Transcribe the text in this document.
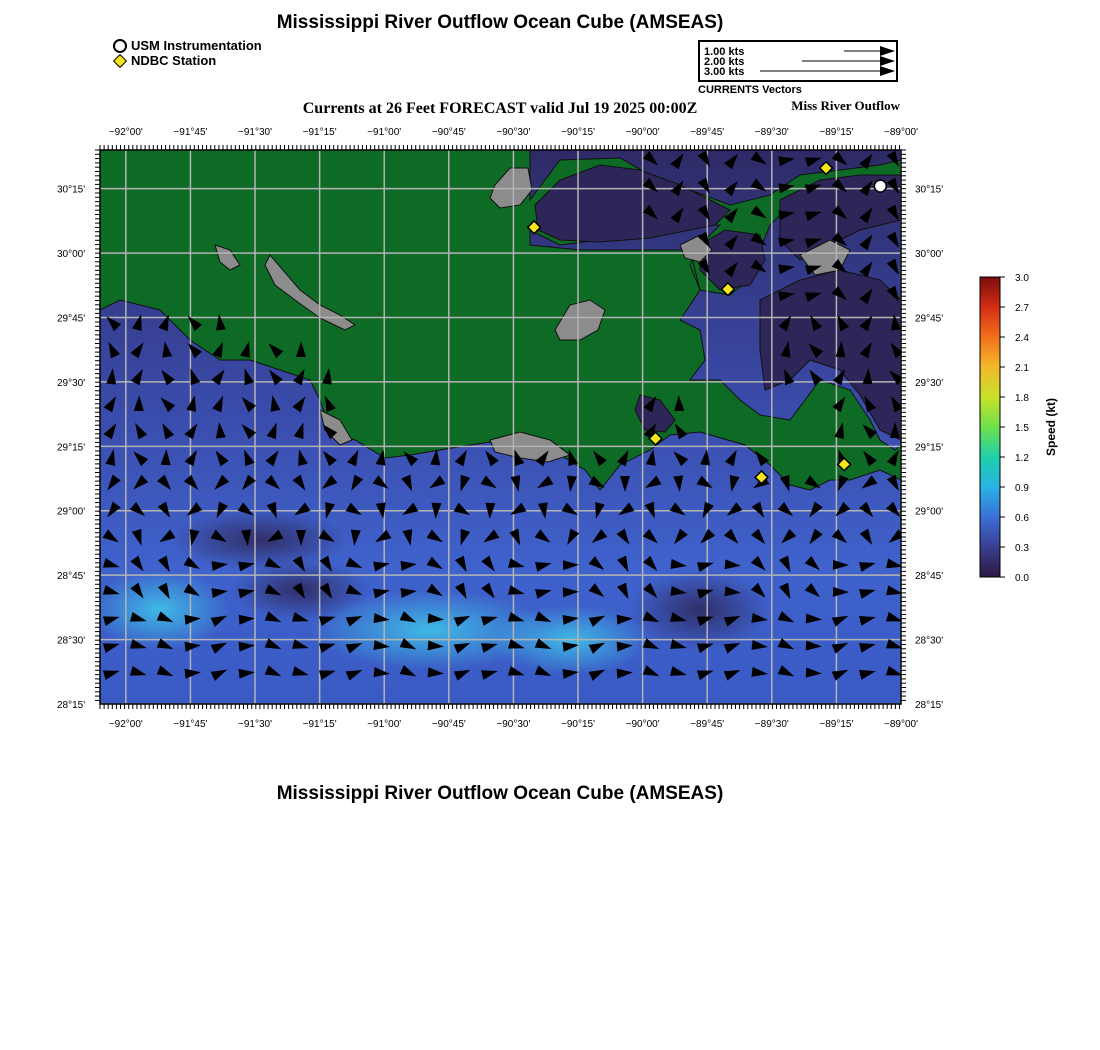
Mississippi River Outflow Ocean Cube (AMSEAS)
USM Instrumentation
NDBC Station
1.00 kts
2.00 kts
3.00 kts
CURRENTS Vectors
Currents at 26 Feet FORECAST valid Jul 19 2025 00:00Z	Miss River Outflow
−92°00'
−92°00'
−91°45'
−91°45'
−91°30'
−91°30'
−91°15'
−91°15'
−91°00'
−91°00'
−90°45'
−90°45'
−90°30'
−90°30'
−90°15'
−90°15'
−90°00'
−90°00'
−89°45'
−89°45'
−89°30'
−89°30'
−89°15'
−89°15'
−89°00'
−89°00'
30°15'	30°15'
30°00'	30°00'
29°45'	29°45'
29°30'	29°30'
29°15'	29°15'
29°00'	29°00'
28°45'	28°45'
28°30'	28°30'
28°15'	28°15'
0.0
0.3
0.6
0.9
1.2
1.5
1.8
2.1
2.4
2.7
3.0
Speed (kt)
Mississippi River Outflow Ocean Cube (AMSEAS)
